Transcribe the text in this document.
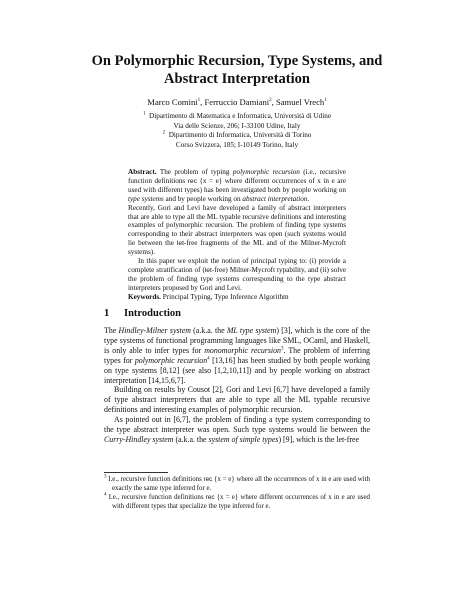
On Polymorphic Recursion, Type Systems, and
Abstract Interpretation
Marco Comini$^1$, Ferruccio Damiani$^2$, Samuel Vrech$^1$
$^1$ Dipartimento di Matematica e Informatica, Università di Udine
Via delle Scienze, 206; I-33100 Udine, Italy
$^2$ Dipartimento di Informatica, Università di Torino
Corso Svizzera, 185; I-10149 Torino, Italy

Abstract. The problem of typing polymorphic recursion (i.e., recursive function definitions rec {x = e} where different occurrences of x in e are used with different types) has been investigated both by people working on type systems and by people working on abstract interpretation.

Recently, Gori and Levi have developed a family of abstract interpreters that are able to type all the ML typable recursive definitions and interesting examples of polymorphic recursion. The problem of finding type systems corresponding to their abstract interpreters was open (such systems would lie between the let-free fragments of the ML and of the Milner-Mycroft systems).

In this paper we exploit the notion of principal typing to: (i) provide a complete stratification of (let-free) Milner-Mycroft typability, and (ii) solve the problem of finding type systems corresponding to the type abstract interpreters proposed by Gori and Levi.

Keywords. Principal Typing, Type Inference Algorithm

1 Introduction

The Hindley-Milner system (a.k.a. the ML type system) [3], which is the core of the type systems of functional programming languages like SML, OCaml, and Haskell, is only able to infer types for monomorphic recursion$^3$. The problem of inferring types for polymorphic recursion$^4$ [13,16] has been studied by both people working on type systems [8,12] (see also [1,2,10,11]) and by people working on abstract interpretation [14,15,6,7].

Building on results by Cousot [2], Gori and Levi [6,7] have developed a family of type abstract interpreters that are able to type all the ML typable recursive definitions and interesting examples of polymorphic recursion.

As pointed out in [6,7], the problem of finding a type system corresponding to the type abstract interpreter was open. Such type systems would lie between the Curry-Hindley system (a.k.a. the system of simple types) [9], which is the let-free

$^3$ I.e., recursive function definitions rec {x = e} where all the occurrences of x in e are used with exactly the same type inferred for e.

$^4$ I.e., recursive function definitions rec {x = e} where different occurrences of x in e are used with different types that specialize the type inferred for e.
